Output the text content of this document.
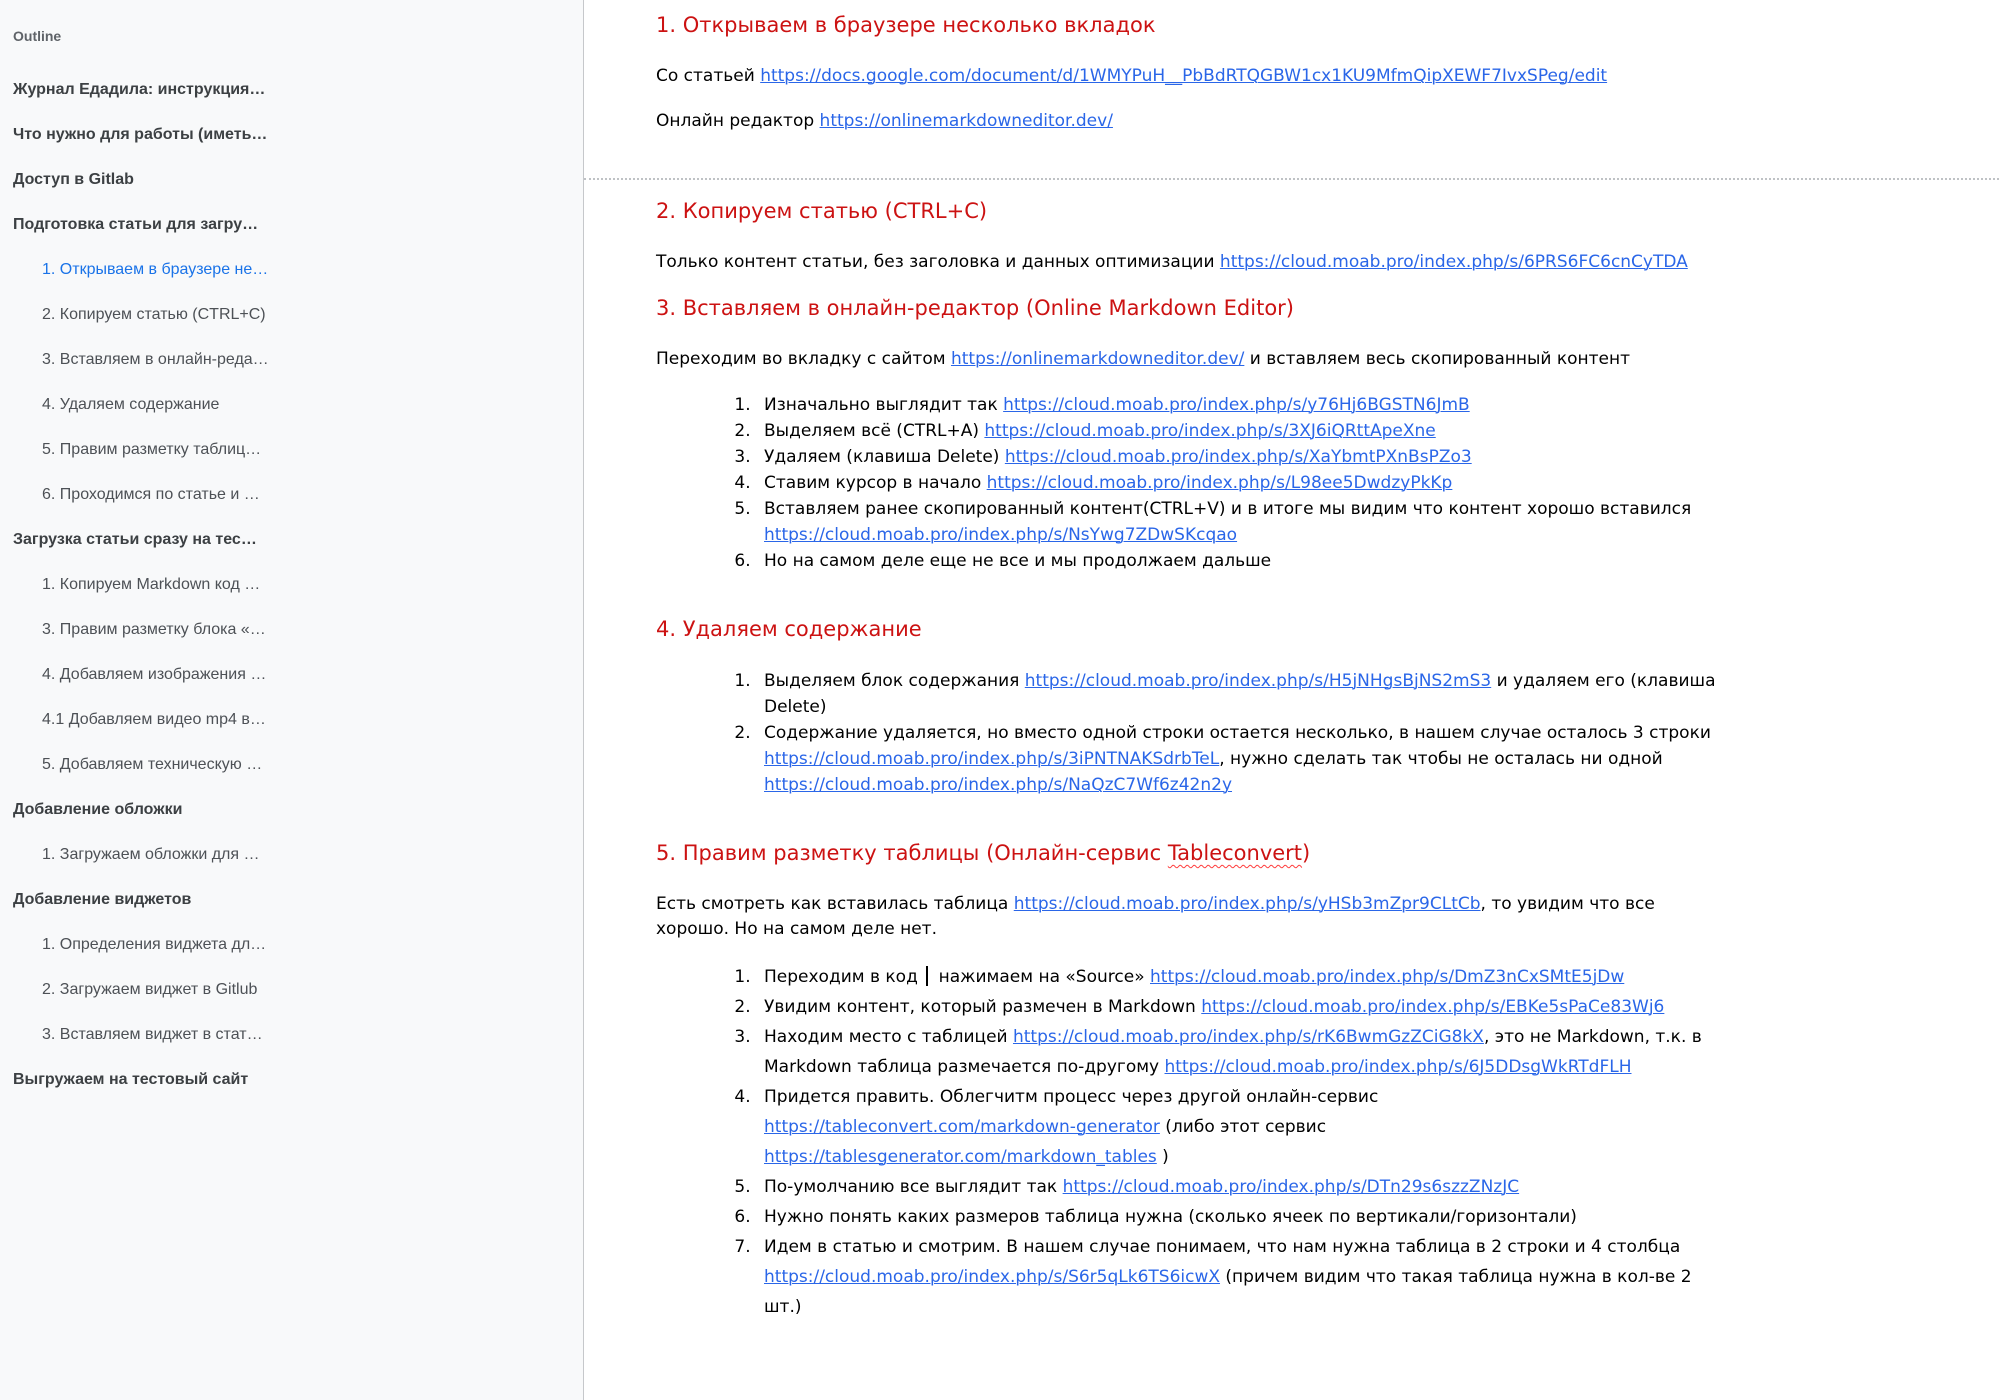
Outline
Журнал Едадила: инструкция…
Что нужно для работы (иметь…
Доступ в Gitlab
Подготовка статьи для загру…
1. Открываем в браузере не…
2. Копируем статью (CTRL+C)
3. Вставляем в онлайн-реда…
4. Удаляем содержание
5. Правим разметку таблиц…
6. Проходимся по статье и …
Загрузка статьи сразу на тес…
1. Копируем Markdown код …
3. Правим разметку блока «…
4. Добавляем изображения …
4.1 Добавляем видео mp4 в…
5. Добавляем техническую …
Добавление обложки
1. Загружаем обложки для …
Добавление виджетов
1. Определения виджета дл…
2. Загружаем виджет в Gitlub
3. Вставляем виджет в стат…
Выгружаем на тестовый сайт
1. Открываем в браузере несколько вкладок

Со статьей https://docs.google.com/document/d/1WMYPuH__PbBdRTQGBW1cx1KU9MfmQipXEWF7IvxSPeg/edit

Онлайн редактор https://onlinemarkdowneditor.dev/

2. Копируем статью (CTRL+C)

Только контент статьи, без заголовка и данных оптимизации https://cloud.moab.pro/index.php/s/6PRS6FC6cnCyTDA

3. Вставляем в онлайн-редактор (Online Markdown Editor)

Переходим во вкладку с сайтом https://onlinemarkdowneditor.dev/ и вставляем весь скопированный контент

1. Изначально выглядит так https://cloud.moab.pro/index.php/s/y76Hj6BGSTN6JmB
2. Выделяем всё (CTRL+A) https://cloud.moab.pro/index.php/s/3XJ6iQRttApeXne
3. Удаляем (клавиша Delete) https://cloud.moab.pro/index.php/s/XaYbmtPXnBsPZo3
4. Ставим курсор в начало https://cloud.moab.pro/index.php/s/L98ee5DwdzyPkKp
5. Вставляем ранее скопированный контент(CTRL+V) и в итоге мы видим что контент хорошо вставился
https://cloud.moab.pro/index.php/s/NsYwg7ZDwSKcqao
6. Но на самом деле еще не все и мы продолжаем дальше
4. Удаляем содержание
1. Выделяем блок содержания https://cloud.moab.pro/index.php/s/H5jNHgsBjNS2mS3 и удаляем его (клавиша
Delete)
2. Содержание удаляется, но вместо одной строки остается несколько, в нашем случае осталось 3 строки
https://cloud.moab.pro/index.php/s/3iPNTNAKSdrbTeL, нужно сделать так чтобы не осталась ни одной
https://cloud.moab.pro/index.php/s/NaQzC7Wf6z42n2y
5. Правим разметку таблицы (Онлайн-сервис Tableconvert)

Есть смотреть как вставилась таблица https://cloud.moab.pro/index.php/s/yHSb3mZpr9CLtCb, то увидим что все
хорошо. Но на самом деле нет.

1. Переходим в код  нажимаем на «Source» https://cloud.moab.pro/index.php/s/DmZ3nCxSMtE5jDw
2. Увидим контент, который размечен в Markdown https://cloud.moab.pro/index.php/s/EBKe5sPaCe83Wj6
3. Находим место с таблицей https://cloud.moab.pro/index.php/s/rK6BwmGzZCiG8kX, это не Markdown, т.к. в
Markdown таблица размечается по-другому https://cloud.moab.pro/index.php/s/6J5DDsgWkRTdFLH
4. Придется править. Облегчитм процесс через другой онлайн-сервис
https://tableconvert.com/markdown-generator (либо этот сервис
https://tablesgenerator.com/markdown_tables )
5. По-умолчанию все выглядит так https://cloud.moab.pro/index.php/s/DTn29s6szzZNzJC
6. Нужно понять каких размеров таблица нужна (сколько ячеек по вертикали/горизонтали)
7. Идем в статью и смотрим. В нашем случае понимаем, что нам нужна таблица в 2 строки и 4 столбца
https://cloud.moab.pro/index.php/s/S6r5qLk6TS6icwX (причем видим что такая таблица нужна в кол-ве 2
шт.)
